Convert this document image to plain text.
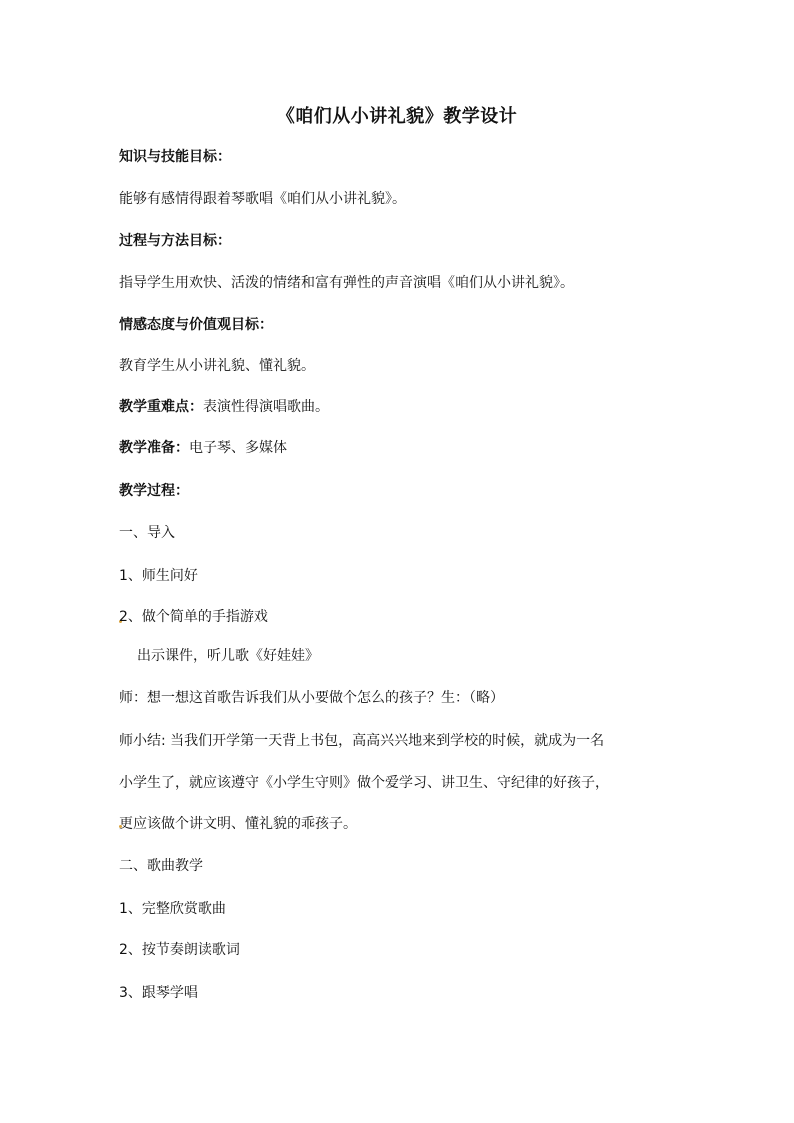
《咱们从小讲礼貌》教学设计
知识与技能目标：
能够有感情得跟着琴歌唱《咱们从小讲礼貌》。
过程与方法目标：
指导学生用欢快、活泼的情绪和富有弹性的声音演唱《咱们从小讲礼貌》。
情感态度与价值观目标：
教育学生从小讲礼貌、懂礼貌。
教学重难点：表演性得演唱歌曲。
教学准备：电子琴、多媒体
教学过程：
一、导入
1、师生问好
2、做个简单的手指游戏
出示课件，听儿歌《好娃娃》
师：想一想这首歌告诉我们从小要做个怎么的孩子？生：（略）
师小结: 当我们开学第一天背上书包，高高兴兴地来到学校的时候，就成为一名
小学生了，就应该遵守《小学生守则》做个爱学习、讲卫生、守纪律的好孩子，
更应该做个讲文明、懂礼貌的乖孩子。
二、歌曲教学
1、完整欣赏歌曲
2、按节奏朗读歌词
3、跟琴学唱
